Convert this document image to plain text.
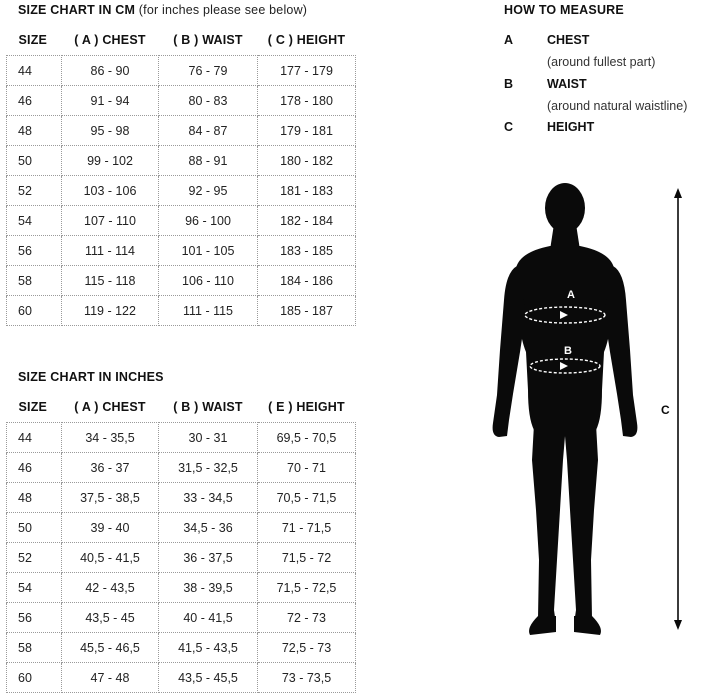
SIZE CHART IN CM (for inches please see below)
SIZE	( A ) CHEST	( B ) WAIST	( C ) HEIGHT
44	86 - 90	76 - 79	177 - 179
46	91 - 94	80 - 83	178 - 180
48	95 - 98	84 - 87	179 - 181
50	99 - 102	88 - 91	180 - 182
52	103 - 106	92 - 95	181 - 183
54	107 - 110	96 - 100	182 - 184
56	111 - 114	101 - 105	183 - 185
58	115 - 118	106 - 110	184 - 186
60	119 - 122	111 - 115	185 - 187
SIZE CHART IN INCHES
SIZE	( A ) CHEST	( B ) WAIST	( E ) HEIGHT
44	34 - 35,5	30 - 31	69,5 - 70,5
46	36 - 37	31,5 - 32,5	70 - 71
48	37,5 - 38,5	33 - 34,5	70,5 - 71,5
50	39 - 40	34,5 - 36	71 - 71,5
52	40,5 - 41,5	36 - 37,5	71,5 - 72
54	42 - 43,5	38 - 39,5	71,5 - 72,5
56	43,5 - 45	40 - 41,5	72 - 73
58	45,5 - 46,5	41,5 - 43,5	72,5 - 73
60	47 - 48	43,5 - 45,5	73 - 73,5
HOW TO MEASURE
A	CHEST
(around fullest part)
B	WAIST
(around natural waistline)
C	HEIGHT
A
B
C
